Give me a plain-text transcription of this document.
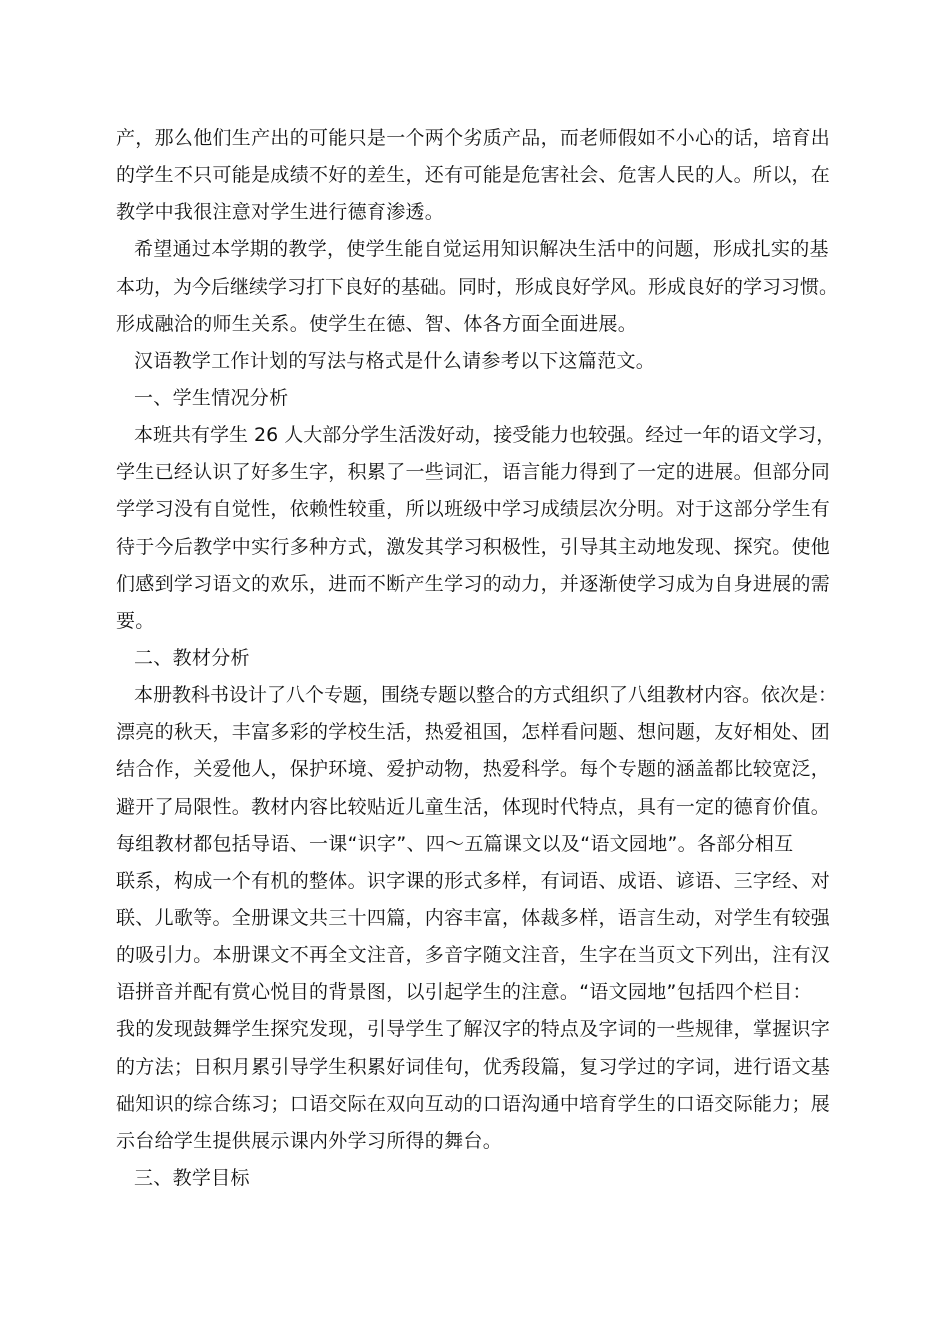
产，那么他们生产出的可能只是一个两个劣质产品，而老师假如不小心的话，培育出
的学生不只可能是成绩不好的差生，还有可能是危害社会、危害人民的人。所以，在
教学中我很注意对学生进行德育渗透。
希望通过本学期的教学，使学生能自觉运用知识解决生活中的问题，形成扎实的基
本功，为今后继续学习打下良好的基础。同时，形成良好学风。形成良好的学习习惯。
形成融洽的师生关系。使学生在德、智、体各方面全面进展。
汉语教学工作计划的写法与格式是什么请参考以下这篇范文。
一、学生情况分析
本班共有学生 26 人大部分学生活泼好动，接受能力也较强。经过一年的语文学习，
学生已经认识了好多生字，积累了一些词汇，语言能力得到了一定的进展。但部分同
学学习没有自觉性，依赖性较重，所以班级中学习成绩层次分明。对于这部分学生有
待于今后教学中实行多种方式，激发其学习积极性，引导其主动地发现、探究。使他
们感到学习语文的欢乐，进而不断产生学习的动力，并逐渐使学习成为自身进展的需
要。
二、教材分析
本册教科书设计了八个专题，围绕专题以整合的方式组织了八组教材内容。依次是：
漂亮的秋天，丰富多彩的学校生活，热爱祖国，怎样看问题、想问题，友好相处、团
结合作，关爱他人，保护环境、爱护动物，热爱科学。每个专题的涵盖都比较宽泛，
避开了局限性。教材内容比较贴近儿童生活，体现时代特点，具有一定的德育价值。
每组教材都包括导语、一课“识字”、四～五篇课文以及“语文园地”。各部分相互
联系，构成一个有机的整体。识字课的形式多样，有词语、成语、谚语、三字经、对
联、儿歌等。全册课文共三十四篇，内容丰富，体裁多样，语言生动，对学生有较强
的吸引力。本册课文不再全文注音，多音字随文注音，生字在当页文下列出，注有汉
语拼音并配有赏心悦目的背景图，以引起学生的注意。“语文园地”包括四个栏目：
我的发现鼓舞学生探究发现，引导学生了解汉字的特点及字词的一些规律，掌握识字
的方法；日积月累引导学生积累好词佳句，优秀段篇，复习学过的字词，进行语文基
础知识的综合练习；口语交际在双向互动的口语沟通中培育学生的口语交际能力；展
示台给学生提供展示课内外学习所得的舞台。
三、教学目标
